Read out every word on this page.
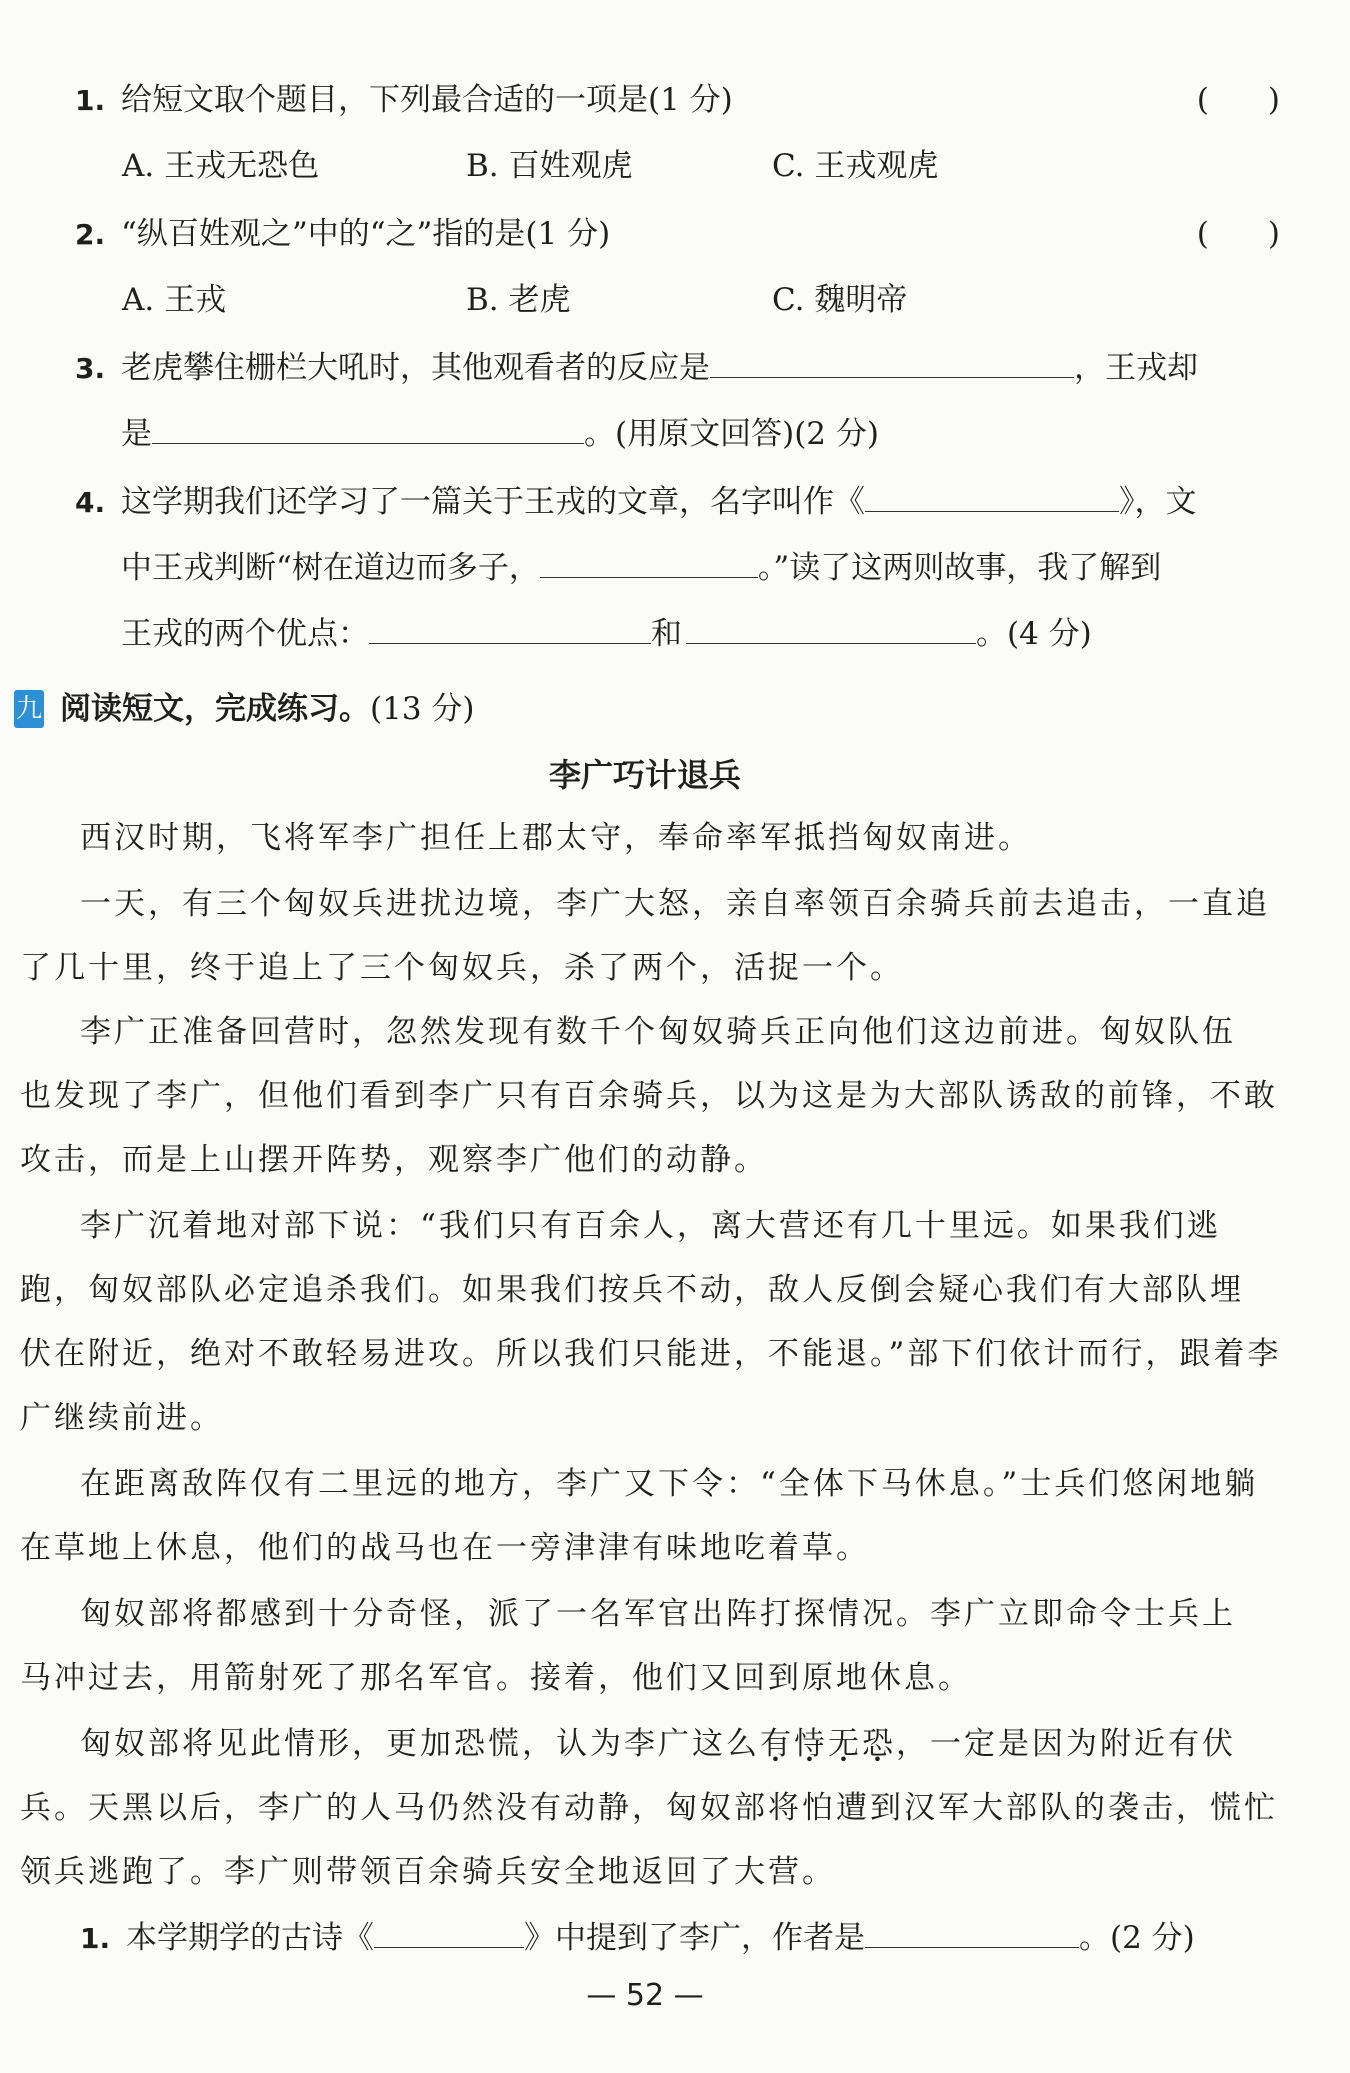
1. 给短文取个题目，下列最合适的一项是(1 分)	(      )
A. 王戎无恐色	B. 百姓观虎	C. 王戎观虎
2. “纵百姓观之”中的“之”指的是(1 分)	(      )
A. 王戎	B. 老虎	C. 魏明帝
3. 老虎攀住栅栏大吼时，其他观看者的反应是	，王戎却
是	。(用原文回答)(2 分)
4. 这学期我们还学习了一篇关于王戎的文章，名字叫作《	》，文
中王戎判断“树在道边而多子，	。”读了这两则故事，我了解到
王戎的两个优点：	和	。(4 分)
九 阅读短文，完成练习。(13 分)
李广巧计退兵
西汉时期，飞将军李广担任上郡太守，奉命率军抵挡匈奴南进。
一天，有三个匈奴兵进扰边境，李广大怒，亲自率领百余骑兵前去追击，一直追
了几十里，终于追上了三个匈奴兵，杀了两个，活捉一个。
李广正准备回营时，忽然发现有数千个匈奴骑兵正向他们这边前进。匈奴队伍
也发现了李广，但他们看到李广只有百余骑兵，以为这是为大部队诱敌的前锋，不敢
攻击，而是上山摆开阵势，观察李广他们的动静。
李广沉着地对部下说：“我们只有百余人，离大营还有几十里远。如果我们逃
跑，匈奴部队必定追杀我们。如果我们按兵不动，敌人反倒会疑心我们有大部队埋
伏在附近，绝对不敢轻易进攻。所以我们只能进，不能退。”部下们依计而行，跟着李
广继续前进。
在距离敌阵仅有二里远的地方，李广又下令：“全体下马休息。”士兵们悠闲地躺
在草地上休息，他们的战马也在一旁津津有味地吃着草。
匈奴部将都感到十分奇怪，派了一名军官出阵打探情况。李广立即命令士兵上
马冲过去，用箭射死了那名军官。接着，他们又回到原地休息。
匈奴部将见此情形，更加恐慌，认为李广这么有恃无恐，一定是因为附近有伏
兵。天黑以后，李广的人马仍然没有动静，匈奴部将怕遭到汉军大部队的袭击，慌忙
领兵逃跑了。李广则带领百余骑兵安全地返回了大营。
1. 本学期学的古诗《	》中提到了李广，作者是	。(2 分)
— 52 —
